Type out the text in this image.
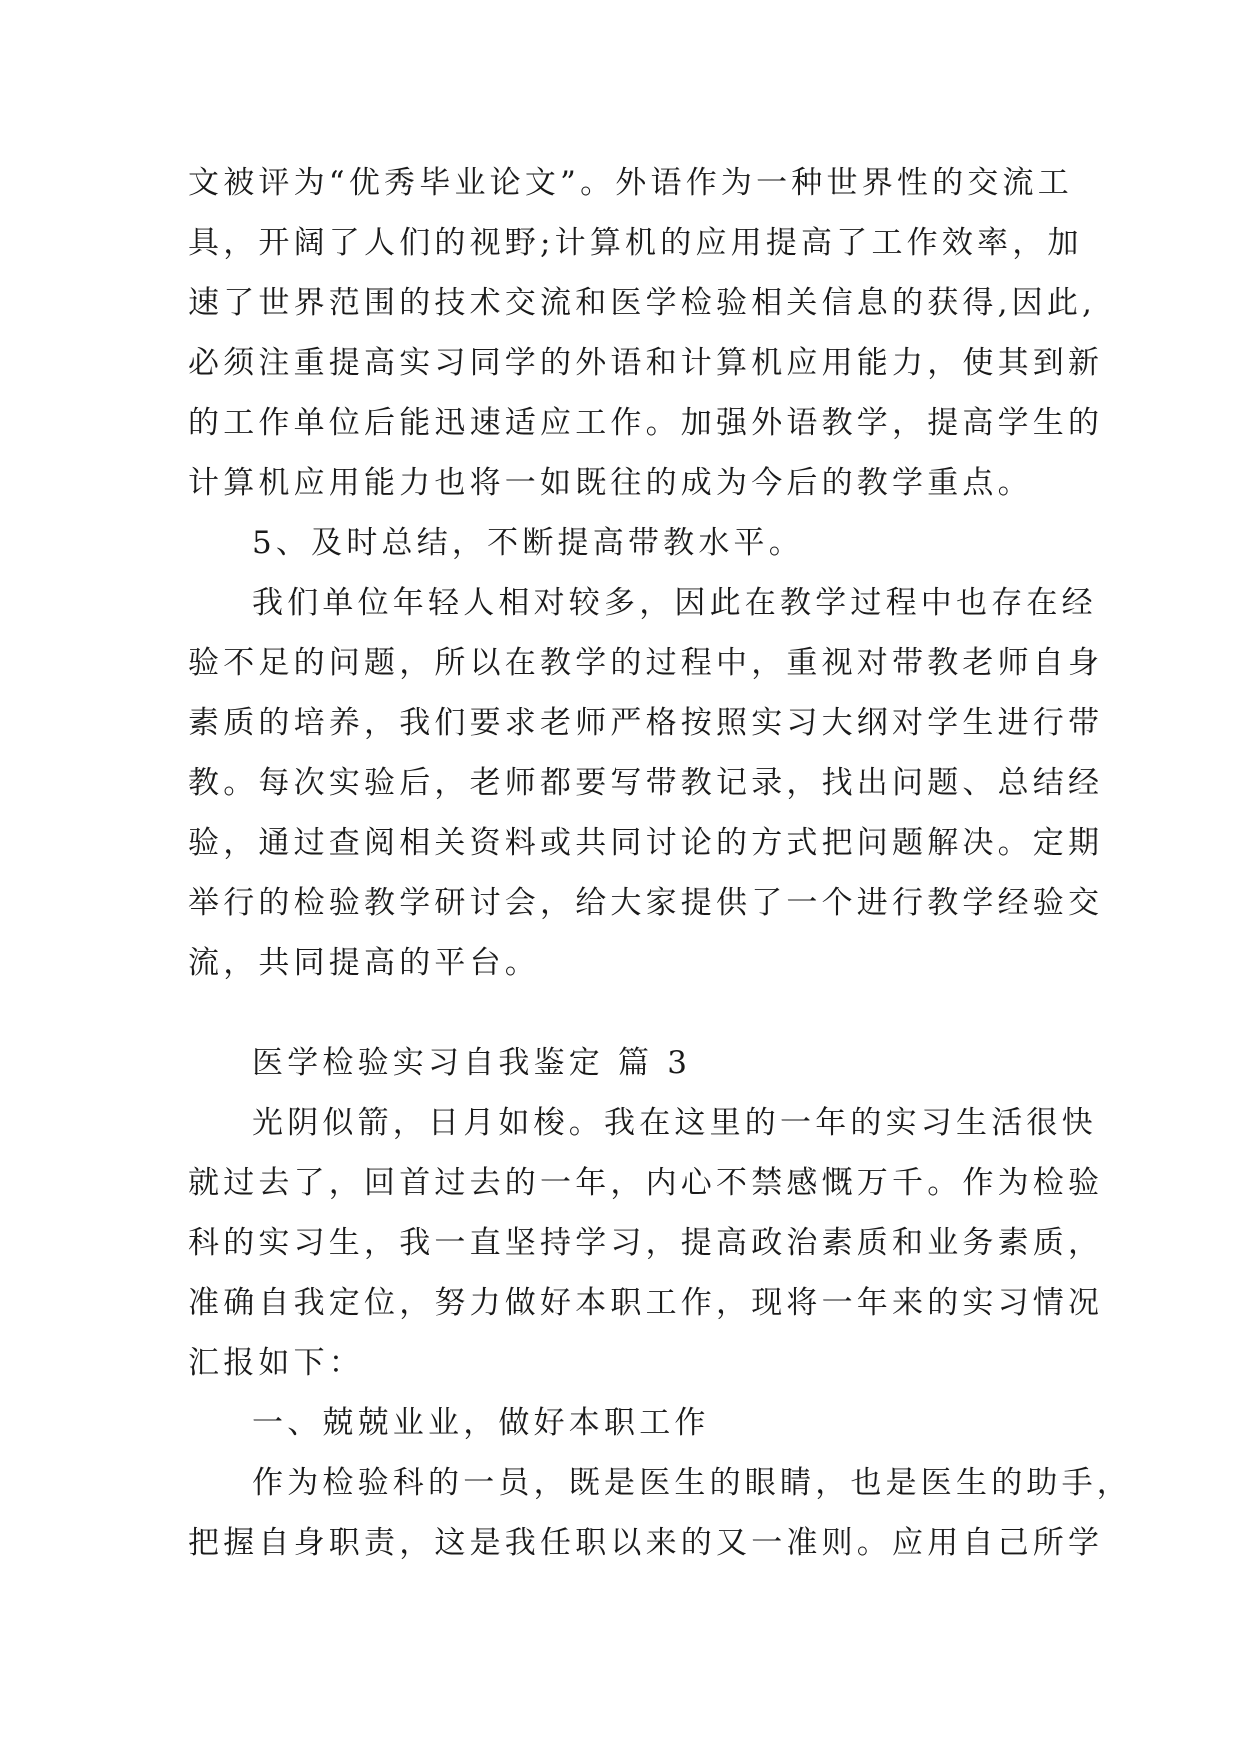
文被评为“优秀毕业论文”。外语作为一种世界性的交流工
具，开阔了人们的视野;计算机的应用提高了工作效率，加
速了世界范围的技术交流和医学检验相关信息的获得,因此,
必须注重提高实习同学的外语和计算机应用能力，使其到新
的工作单位后能迅速适应工作。加强外语教学，提高学生的
计算机应用能力也将一如既往的成为今后的教学重点。
5、及时总结，不断提高带教水平。
我们单位年轻人相对较多，因此在教学过程中也存在经
验不足的问题，所以在教学的过程中，重视对带教老师自身
素质的培养，我们要求老师严格按照实习大纲对学生进行带
教。每次实验后，老师都要写带教记录，找出问题、总结经
验，通过查阅相关资料或共同讨论的方式把问题解决。定期
举行的检验教学研讨会，给大家提供了一个进行教学经验交
流，共同提高的平台。
医学检验实习自我鉴定 篇 3
光阴似箭，日月如梭。我在这里的一年的实习生活很快
就过去了，回首过去的一年，内心不禁感慨万千。作为检验
科的实习生，我一直坚持学习，提高政治素质和业务素质，
准确自我定位，努力做好本职工作，现将一年来的实习情况
汇报如下：
一、兢兢业业，做好本职工作
作为检验科的一员，既是医生的眼睛，也是医生的助手，
把握自身职责，这是我任职以来的又一准则。应用自己所学
